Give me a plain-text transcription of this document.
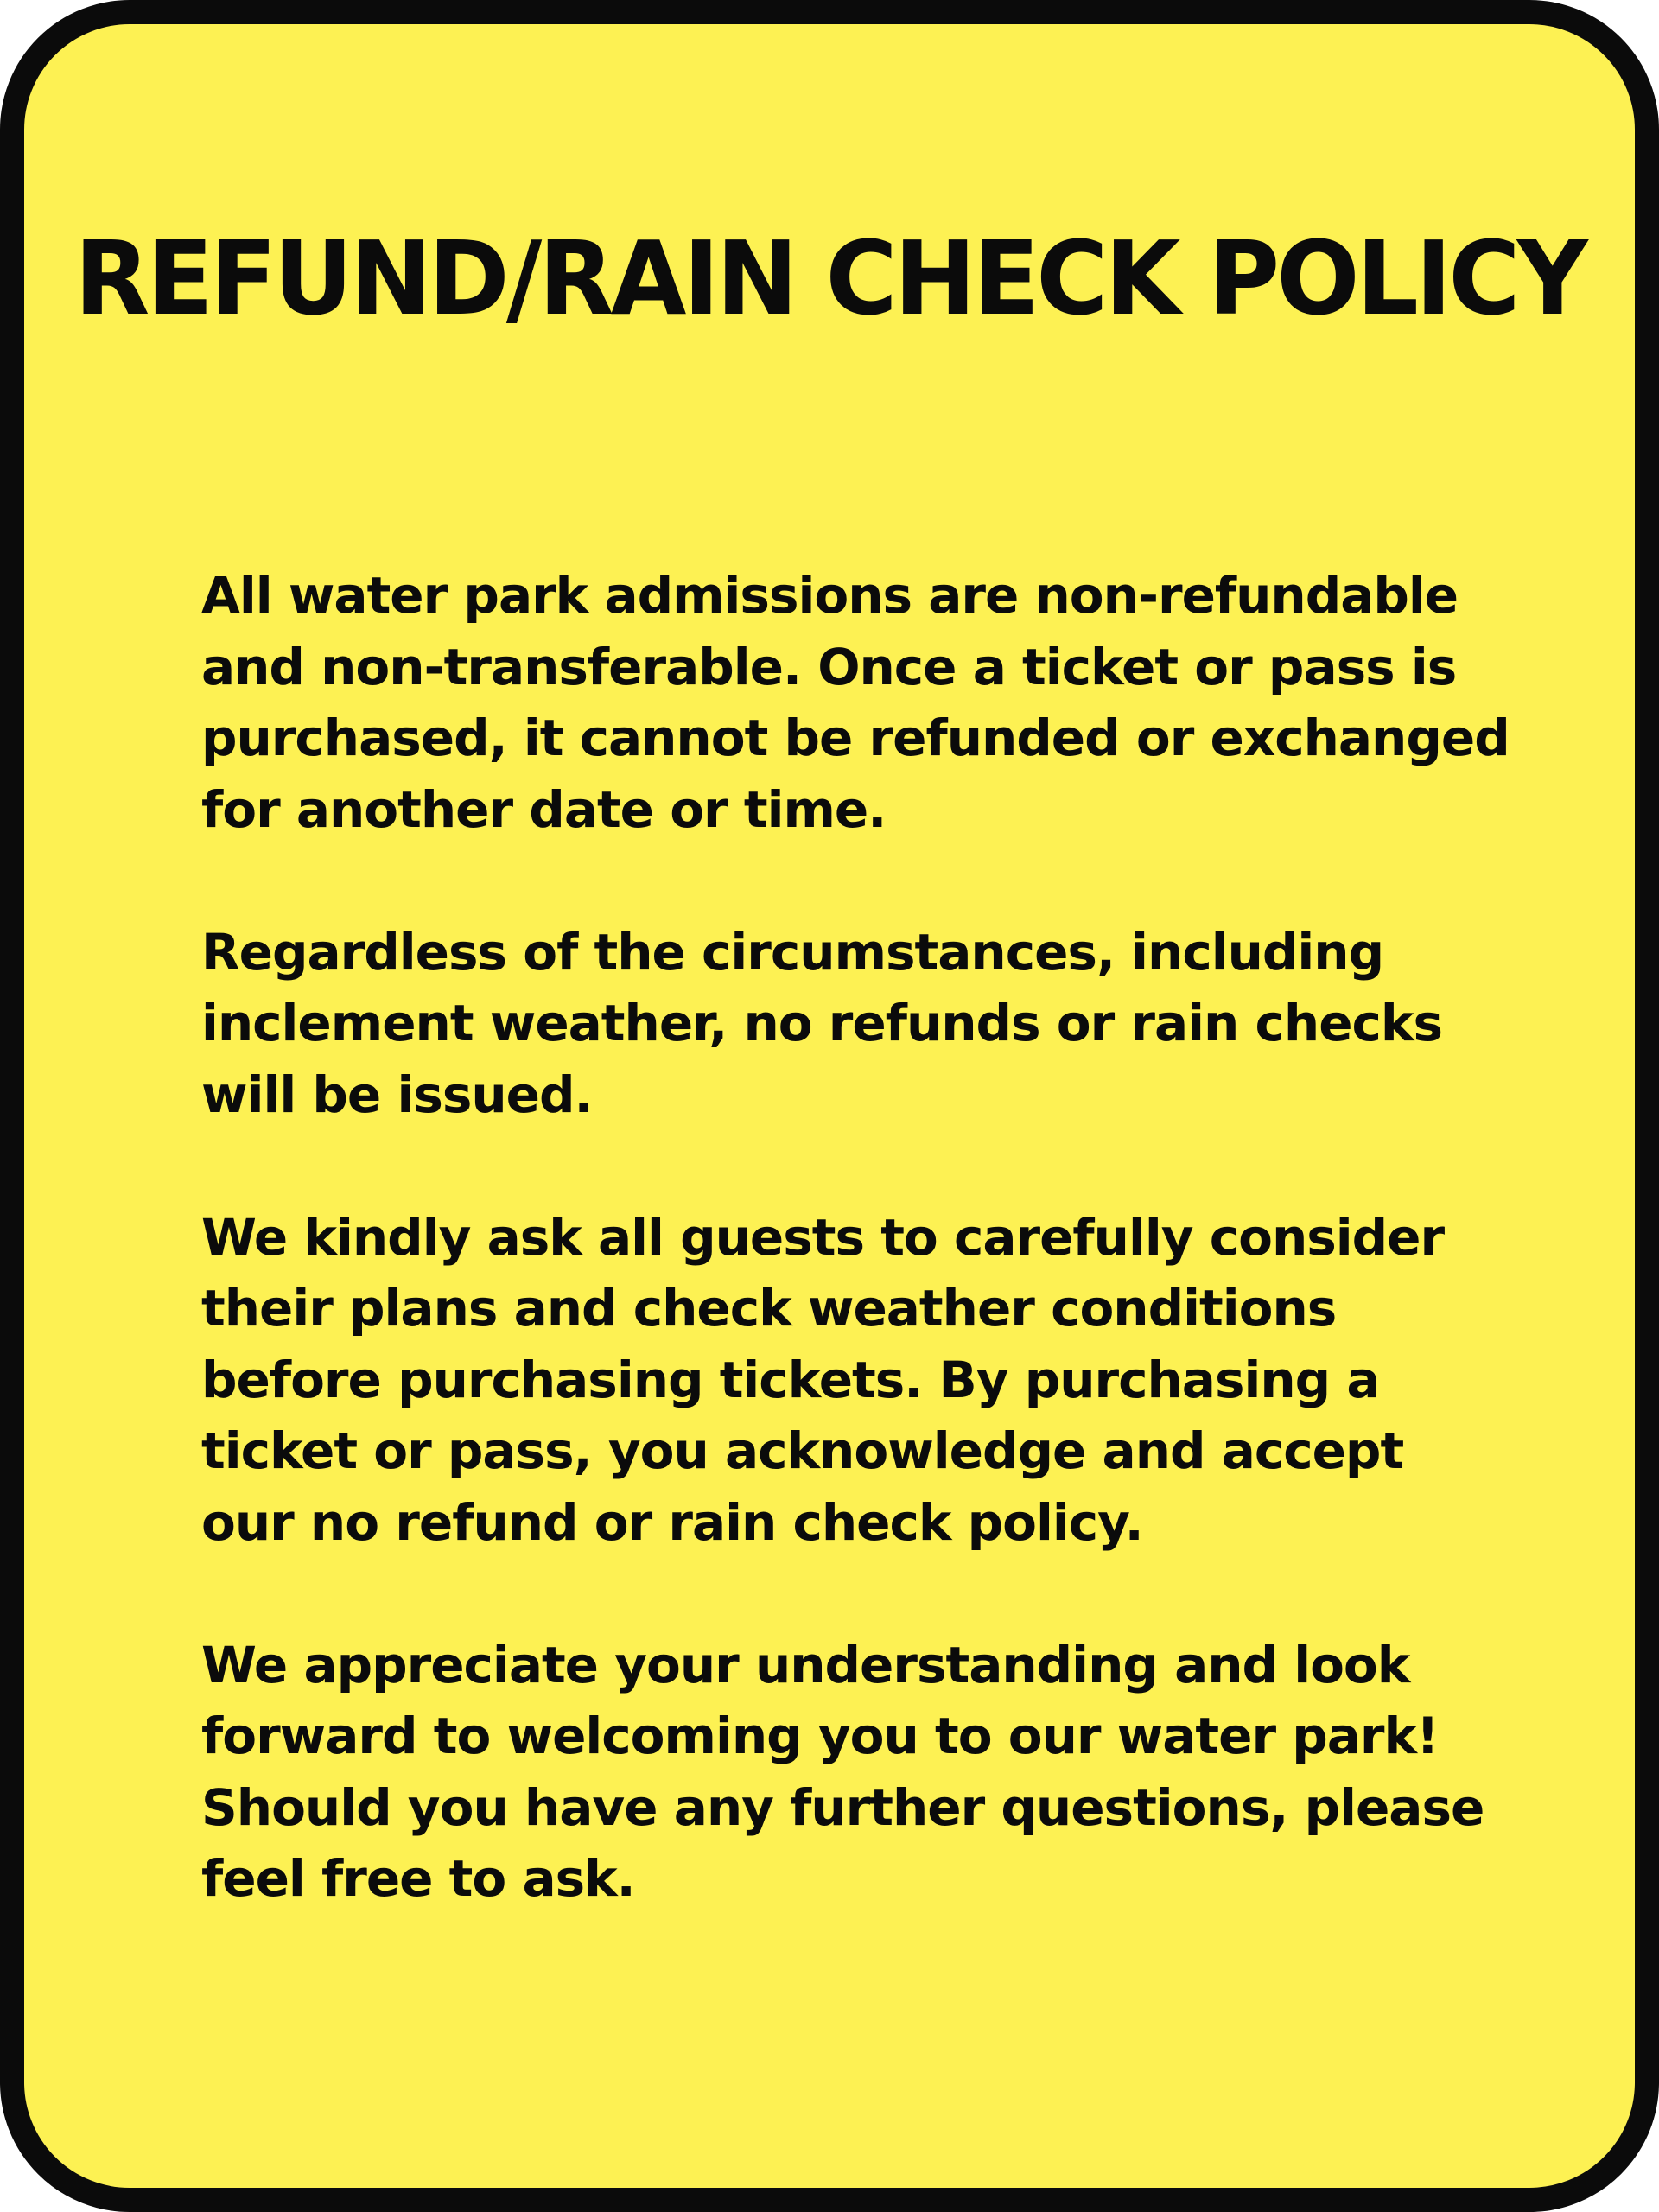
REFUND/RAIN CHECK POLICY

All water park admissions are non-refundable
and non-transferable. Once a ticket or pass is
purchased, it cannot be refunded or exchanged
for another date or time.

Regardless of the circumstances, including
inclement weather, no refunds or rain checks
will be issued.

We kindly ask all guests to carefully consider
their plans and check weather conditions
before purchasing tickets. By purchasing a
ticket or pass, you acknowledge and accept
our no refund or rain check policy.

We appreciate your understanding and look
forward to welcoming you to our water park!
Should you have any further questions, please
feel free to ask.
